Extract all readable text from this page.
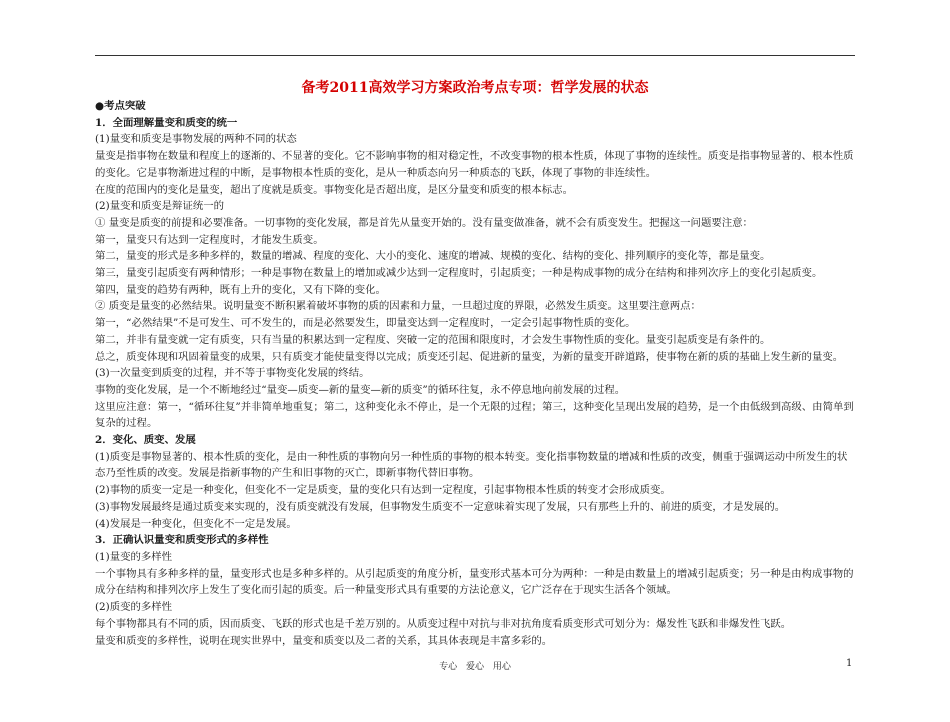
备考2011高效学习方案政治考点专项：哲学发展的状态

●考点突破

1．全面理解量变和质变的统一

(1)量变和质变是事物发展的两种不同的状态

量变是指事物在数量和程度上的逐渐的、不显著的变化。它不影响事物的相对稳定性，不改变事物的根本性质，体现了事物的连续性。质变是指事物显著的、根本性质的变化。它是事物渐进过程的中断，是事物根本性质的变化，是从一种质态向另一种质态的飞跃，体现了事物的非连续性。

在度的范围内的变化是量变，超出了度就是质变。事物变化是否超出度，是区分量变和质变的根本标志。

(2)量变和质变是辩证统一的

① 量变是质变的前提和必要准备。一切事物的变化发展，都是首先从量变开始的。没有量变做准备，就不会有质变发生。把握这一问题要注意：

第一，量变只有达到一定程度时，才能发生质变。

第二，量变的形式是多种多样的，数量的增减、程度的变化、大小的变化、速度的增减、规模的变化、结构的变化、排列顺序的变化等，都是量变。

第三，量变引起质变有两种情形；一种是事物在数量上的增加或减少达到一定程度时，引起质变；一种是构成事物的成分在结构和排列次序上的变化引起质变。

第四，量变的趋势有两种，既有上升的变化，又有下降的变化。

② 质变是量变的必然结果。说明量变不断积累着破坏事物的质的因素和力量，一旦超过度的界限，必然发生质变。这里要注意两点：

第一，“必然结果”不是可发生、可不发生的，而是必然要发生，即量变达到一定程度时，一定会引起事物性质的变化。

第二，并非有量变就一定有质变，只有当量的积累达到一定程度、突破一定的范围和限度时，才会发生事物性质的变化。量变引起质变是有条件的。

总之，质变体现和巩固着量变的成果，只有质变才能使量变得以完成；质变还引起、促进新的量变，为新的量变开辟道路，使事物在新的质的基础上发生新的量变。

(3)一次量变到质变的过程，并不等于事物变化发展的终结。

事物的变化发展，是一个不断地经过“量变—质变—新的量变—新的质变”的循环往复，永不停息地向前发展的过程。

这里应注意：第一，“循环往复”并非简单地重复；第二，这种变化永不停止，是一个无限的过程；第三，这种变化呈现出发展的趋势，是一个由低级到高级、由简单到复杂的过程。

2．变化、质变、发展

(1)质变是事物显著的、根本性质的变化，是由一种性质的事物向另一种性质的事物的根本转变。变化指事物数量的增减和性质的改变，侧重于强调运动中所发生的状态乃至性质的改变。发展是指新事物的产生和旧事物的灭亡，即新事物代替旧事物。

(2)事物的质变一定是一种变化，但变化不一定是质变，量的变化只有达到一定程度，引起事物根本性质的转变才会形成质变。

(3)事物发展最终是通过质变来实现的，没有质变就没有发展，但事物发生质变不一定意味着实现了发展，只有那些上升的、前进的质变，才是发展的。

(4)发展是一种变化，但变化不一定是发展。

3．正确认识量变和质变形式的多样性

(1)量变的多样性

一个事物具有多种多样的量，量变形式也是多种多样的。从引起质变的角度分析，量变形式基本可分为两种：一种是由数量上的增减引起质变；另一种是由构成事物的成分在结构和排列次序上发生了变化而引起的质变。后一种量变形式具有重要的方法论意义，它广泛存在于现实生活各个领域。

(2)质变的多样性

每个事物都具有不同的质，因而质变、飞跃的形式也是千差万别的。从质变过程中对抗与非对抗角度看质变形式可划分为：爆发性飞跃和非爆发性飞跃。

量变和质变的多样性，说明在现实世界中，量变和质变以及二者的关系，其具体表现是丰富多彩的。

专心 爱心 用心	1
